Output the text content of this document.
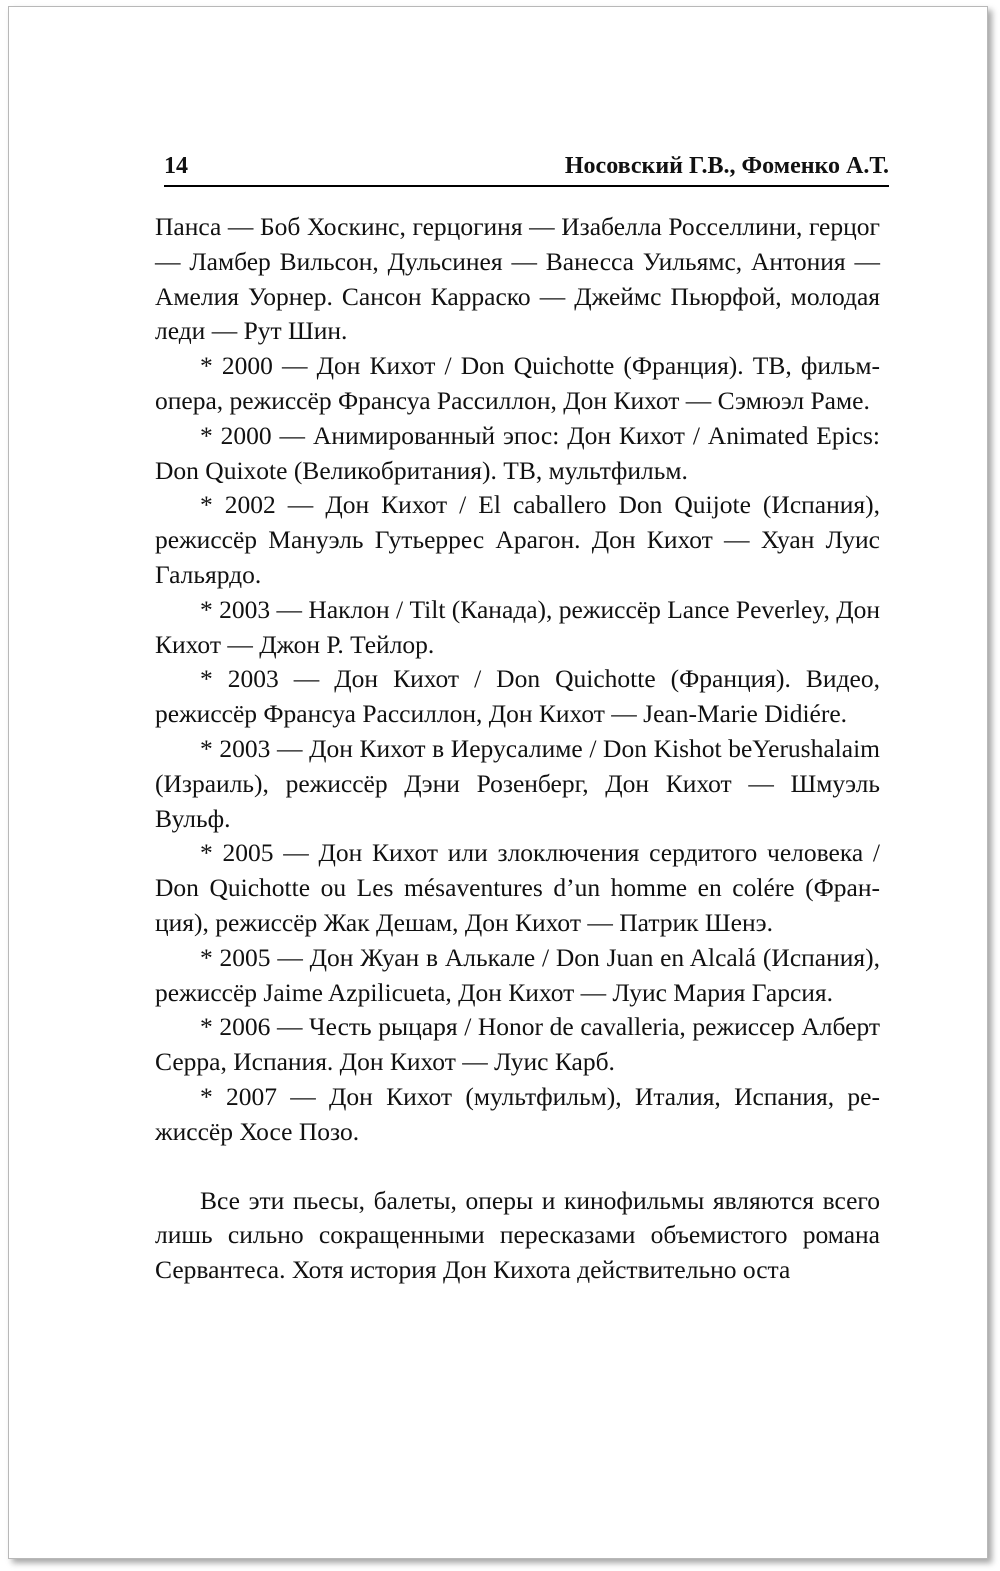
14	Носовский Г.В., Фоменко А.Т.

Панса — Боб Хоскинс, герцогиня — Изабелла Росселлини, герцог — Ламбер Вильсон, Дульсинея — Ванесса Уильямс, Антония — Амелия Уорнер. Сансон Карраско — Джеймс Пьюрфой, молодая леди — Рут Шин.

* 2000 — Дон Кихот / Don Quichotte (Франция). ТВ, фильм-опера, режиссёр Франсуа Рассиллон, Дон Кихот — Сэмюэл Раме.

* 2000 — Анимированный эпос: Дон Кихот / Animated Epics: Don Quixote (Великобритания). ТВ, мультфильм.

* 2002 — Дон Кихот / El caballero Don Quijote (Испания), режиссёр Мануэль Гутьеррес Арагон. Дон Кихот — Хуан Луис Гальярдо.

* 2003 — Наклон / Tilt (Канада), режиссёр Lance Peverley, Дон Кихот — Джон Р. Тейлор.

* 2003 — Дон Кихот / Don Quichotte (Франция). Видео, режиссёр Франсуа Рассиллон, Дон Кихот — Jean-Marie Didiére.

* 2003 — Дон Кихот в Иерусалиме / Don Kishot beYerushalaim (Израиль), режиссёр Дэни Розенберг, Дон Кихот — Шмуэль Вульф.

* 2005 — Дон Кихот или злоключения сердитого человека / Don Quichotte ou Les mésaventures d’un homme en colére (Франция), режиссёр Жак Дешам, Дон Кихот — Патрик Шенэ.

* 2005 — Дон Жуан в Алькале / Don Juan en Alcalá (Испания), режиссёр Jaime Azpilicueta, Дон Кихот — Луис Мария Гарсия.

* 2006 — Честь рыцаря / Honor de cavalleria, режиссер Алберт Серра, Испания. Дон Кихот — Луис Карб.

* 2007 — Дон Кихот (мультфильм), Италия, Испания, режиссёр Хосе Позо.

Все эти пьесы, балеты, оперы и кинофильмы являются всего лишь сильно сокращенными пересказами объемистого романа Сервантеса. Хотя история Дон Кихота действительно оста
